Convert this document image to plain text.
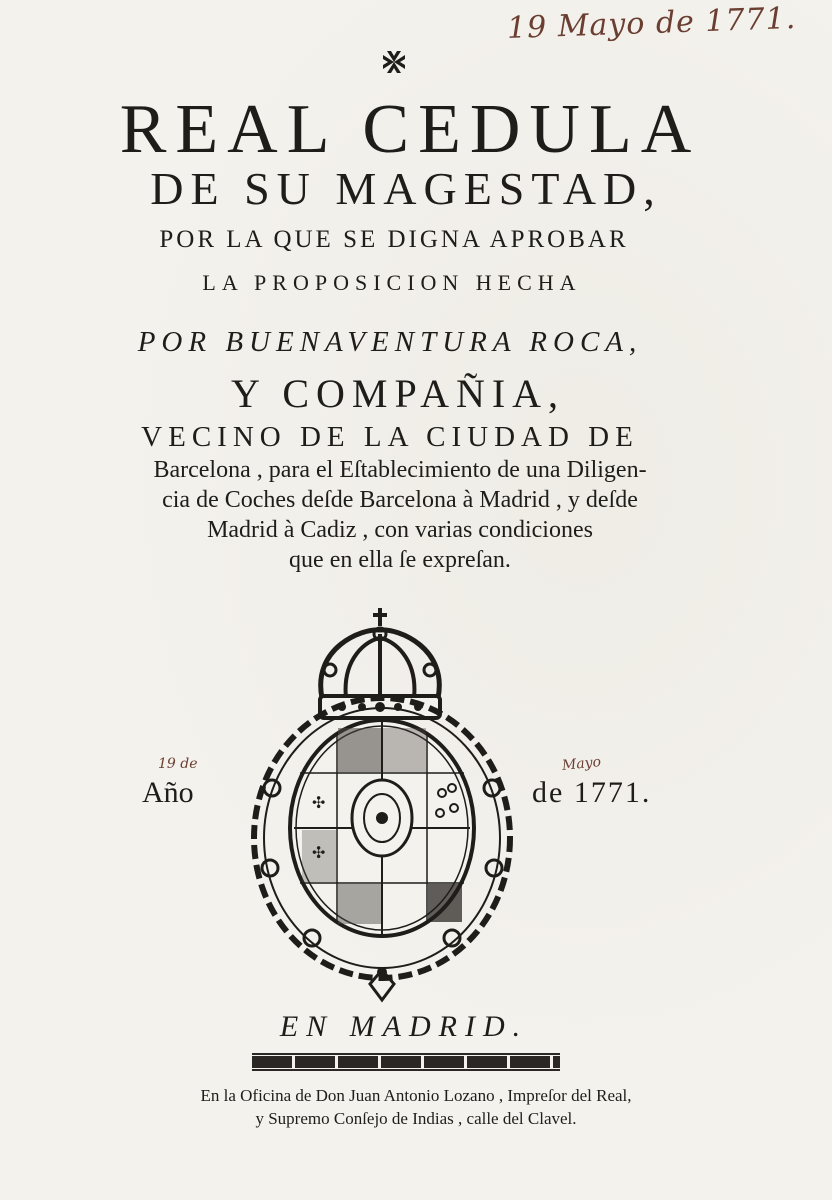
19 Mayo de 1771.
REAL CEDULA
DE SU MAGESTAD,
POR LA QUE SE DIGNA APROBAR
LA PROPOSICION HECHA
POR BUENAVENTURA ROCA,
Y COMPAÑIA,
VECINO DE LA CIUDAD DE
Barcelona , para el Eſtablecimiento de una Diligen-
cia de Coches deſde Barcelona à Madrid , y deſde
Madrid à Cadiz , con varias condiciones
que en ella ſe expreſan.
19 de	Mayo
Año	de 1771.
✣
✣
EN MADRID.
En la Oficina de Don Juan Antonio Lozano , Impreſor del Real,
y Supremo Conſejo de Indias , calle del Clavel.
